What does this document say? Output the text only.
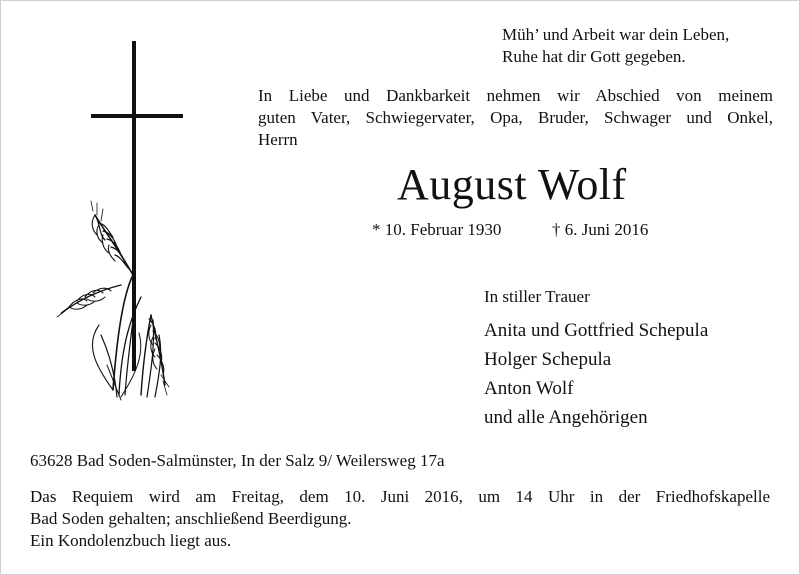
Müh’ und Arbeit war dein Leben,
Ruhe hat dir Gott gegeben.
In Liebe und Dankbarkeit nehmen wir Abschied von meinem
guten Vater, Schwiegervater, Opa, Bruder, Schwager und Onkel,
Herrn
August Wolf
* 10. Februar 1930	† 6. Juni 2016
In stiller Trauer
Anita und Gottfried Schepula
Holger Schepula
Anton Wolf
und alle Angehörigen
63628 Bad Soden-Salmünster, In der Salz 9/ Weilersweg 17a
Das Requiem wird am Freitag, dem 10. Juni 2016, um 14 Uhr in der Friedhofskapelle
Bad Soden gehalten; anschließend Beerdigung.
Ein Kondolenzbuch liegt aus.
